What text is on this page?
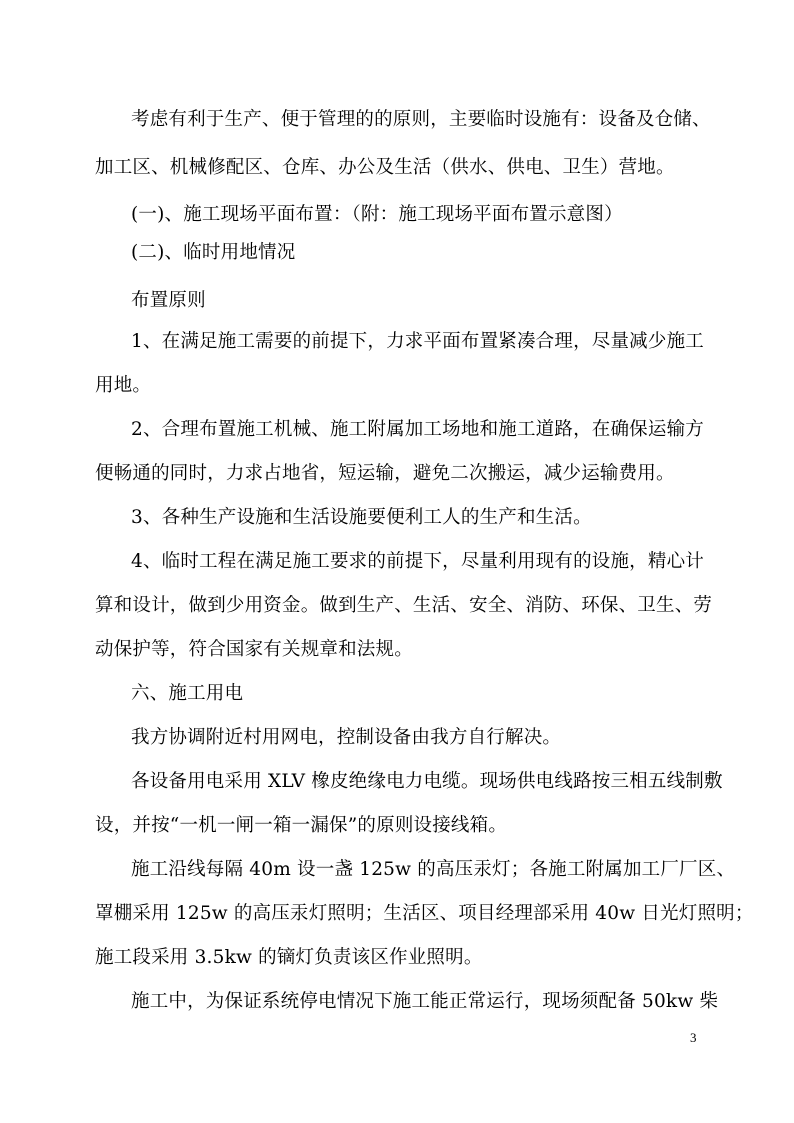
考虑有利于生产、便于管理的的原则，主要临时设施有：设备及仓储、
加工区、机械修配区、仓库、办公及生活（供水、供电、卫生）营地。
(一)、施工现场平面布置：（附：施工现场平面布置示意图）
(二)、临时用地情况
布置原则
1、在满足施工需要的前提下，力求平面布置紧凑合理，尽量减少施工
用地。
2、合理布置施工机械、施工附属加工场地和施工道路，在确保运输方
便畅通的同时，力求占地省，短运输，避免二次搬运，减少运输费用。
3、各种生产设施和生活设施要便利工人的生产和生活。
4、临时工程在满足施工要求的前提下，尽量利用现有的设施，精心计
算和设计，做到少用资金。做到生产、生活、安全、消防、环保、卫生、劳
动保护等，符合国家有关规章和法规。
六、施工用电
我方协调附近村用网电，控制设备由我方自行解决。
各设备用电采用 XLV 橡皮绝缘电力电缆。现场供电线路按三相五线制敷
设，并按“一机一闸一箱一漏保”的原则设接线箱。
施工沿线每隔 40m 设一盏 125w 的高压汞灯；各施工附属加工厂厂区、
罩棚采用 125w 的高压汞灯照明；生活区、项目经理部采用 40w 日光灯照明；
施工段采用 3.5kw 的镝灯负责该区作业照明。
施工中，为保证系统停电情况下施工能正常运行，现场须配备 50kw 柴
3
